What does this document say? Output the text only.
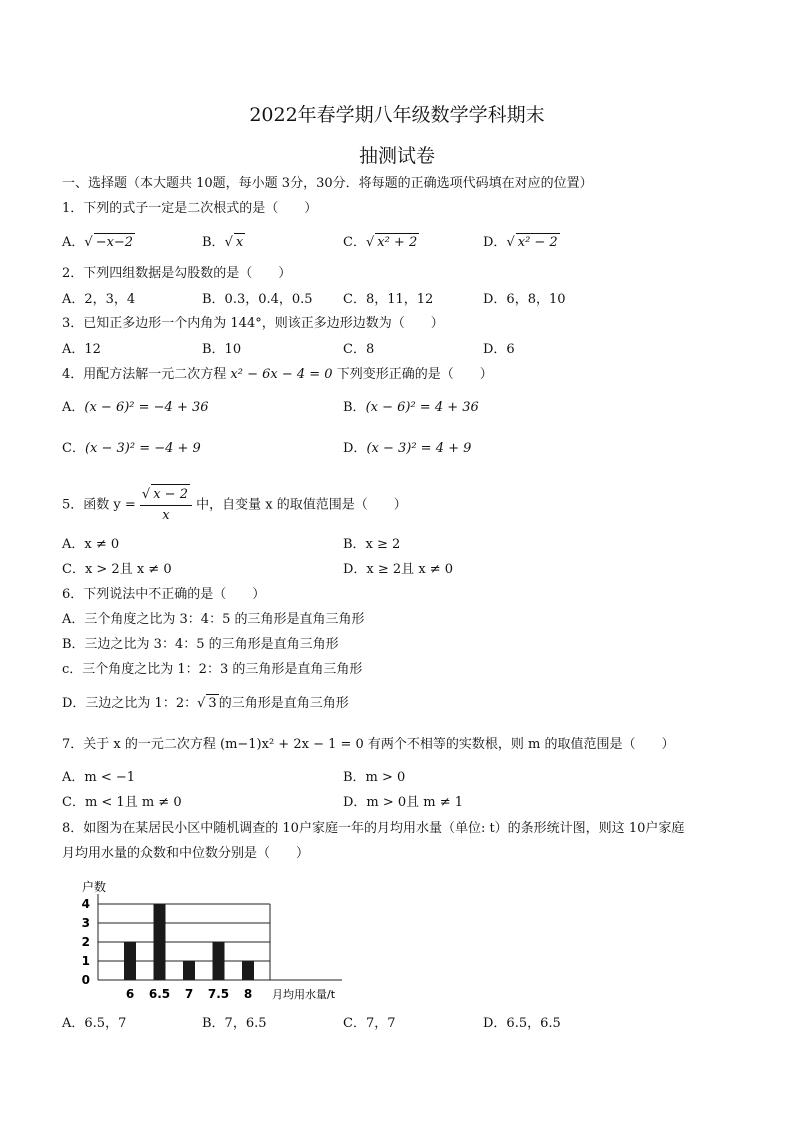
2022年春学期八年级数学学科期末
抽测试卷
一、选择题（本大题共 10题，每小题 3分，30分．将每题的正确选项代码填在对应的位置）
1．下列的式子一定是二次根式的是（　　）
A．√ −x−2	B．√ x	C．√ x² + 2	D．√ x² − 2
2．下列四组数据是勾股数的是（　　）
A．2，3，4	B．0.3，0.4，0.5 C．8，11，12	D．6，8，10
3．已知正多边形一个内角为 144°，则该正多边形边数为（　　）
A．12	B．10	C．8	D．6
4．用配方法解一元二次方程 x² − 6x − 4 = 0 下列变形正确的是（　　）
A．(x − 6)² = −4 + 36	B．(x − 6)² = 4 + 36
C．(x − 3)² = −4 + 9	D．(x − 3)² = 4 + 9
5．函数 $y = \frac{√ x - 2}{x}$ 中，自变量 x 的取值范围是（　　）
A．x ≠ 0	B．x ≥ 2
C．x > 2且 x ≠ 0	D．x ≥ 2且 x ≠ 0
6．下列说法中不正确的是（　　）
A．三个角度之比为 3：4：5 的三角形是直角三角形
B．三边之比为 3：4：5 的三角形是直角三角形
c．三个角度之比为 1：2：3 的三角形是直角三角形
D．三边之比为 1：2：√ 3 的三角形是直角三角形
7．关于 x 的一元二次方程 (m−1)x² + 2x − 1 = 0 有两个不相等的实数根，则 m 的取值范围是（　　）
A．m < −1	B．m > 0
C．m < 1且 m ≠ 0	D．m > 0且 m ≠ 1
8．如图为在某居民小区中随机调查的 10户家庭一年的月均用水量（单位: t）的条形统计图，则这 10户家庭
月均用水量的众数和中位数分别是（　　）
0
1
2
3
4
户数
月均用水量/t
6 6.5 7 7.5 8
A．6.5，7	B．7，6.5	C．7，7	D．6.5，6.5
